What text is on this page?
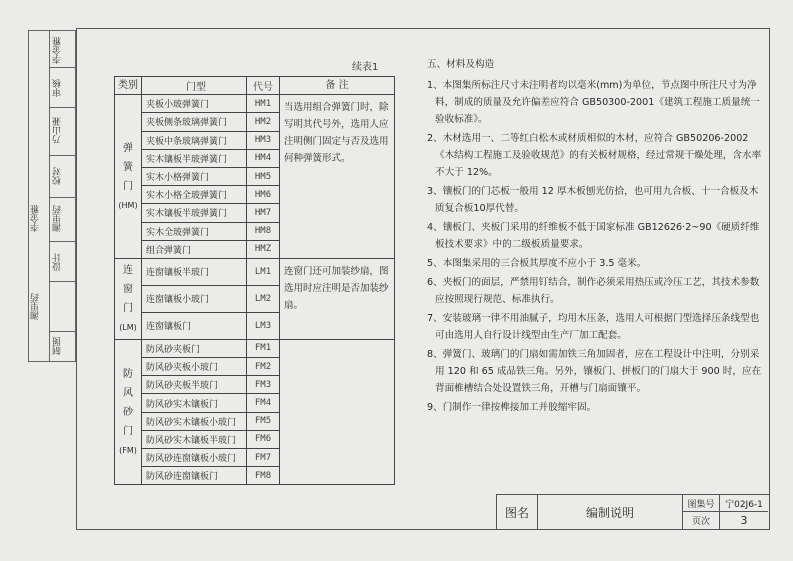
李金雅
审核
乃山兼
校对
李金雅	湘里药
设计
湘里药
制图
续表1
类别	门型	代号	备 注

弹
簧
门
(HM)	夹板小玻弹簧门	HM1	当选用组合弹簧门时，除写明其代号外，选用人应注明侧门固定与否及选用何种弹簧形式。
	夹板侧条玻璃弹簧门	HM2	
	夹板中条玻璃弹簧门	HM3	
	实木镶板半玻弹簧门	HM4	
	实木小格弹簧门	HM5	
	实木小格全玻弹簧门	HM6	
	实木镶板半玻弹簧门	HM7	
	实木全玻弹簧门	HM8	
	组合弹簧门	HMZ	

连
窗
门
(LM)	连窗镶板半玻门	LM1	连窗门还可加装纱扇，图选用时应注明是否加装纱扇。
	连窗镶板小玻门	LM2	
	连窗镶板门	LM3	

防
风
砂
门
(FM)	防风砂夹板门	FM1	
	防风砂夹板小玻门	FM2	
	防风砂夹板半玻门	FM3	
	防风砂实木镶板门	FM4	
	防风砂实木镶板小玻门	FM5	
	防风砂实木镶板半玻门	FM6	
	防风砂连窗镶板小玻门	FM7	
	防风砂连窗镶板门	FM8	
五、材料及构造
1、本图集所标注尺寸未注明者均以毫米(mm)为单位，节点图中所注尺寸为净料，制成的质量及允许偏差应符合 GB50300-2001《建筑工程施工质量统一验收标准》。
2、木材选用一、二等红白松木或材质相似的木材，应符合 GB50206-2002《木结构工程施工及验收规范》的有关板材规格，经过常规干燥处理，含水率不大于 12%。
3、镶板门的门芯板一般用 12 厚木板刨光仿拾，也可用九合板、十一合板及木质复合板10厚代替。
4、镶板门、夹板门采用的纤维板不低于国家标准 GB12626·2~90《硬质纤维板技术要求》中的二级板质量要求。
5、本图集采用的三合板其厚度不应小于 3.5 毫米。
6、夹板门的面层，严禁用钉结合，制作必须采用热压或冷压工艺，其技术参数应按照现行规范、标准执行。
7、安装玻璃一律不用油腻子，均用木压条，选用人可根据门型选择压条线型也可由选用人自行设计线型由生产厂加工配套。
8、弹簧门、玻璃门的门扇如需加铁三角加固者，应在工程设计中注明，分别采用 120 和 65 成品铁三角。另外，镶板门、拼板门的门扇大于 900 时，应在背面椎槽结合处设置铁三角，开槽与门扇面镶平。
9、门制作一律按榫接加工并胶缩牢固。
图名	编制说明
图集号	宁02J6-1
页次	3
